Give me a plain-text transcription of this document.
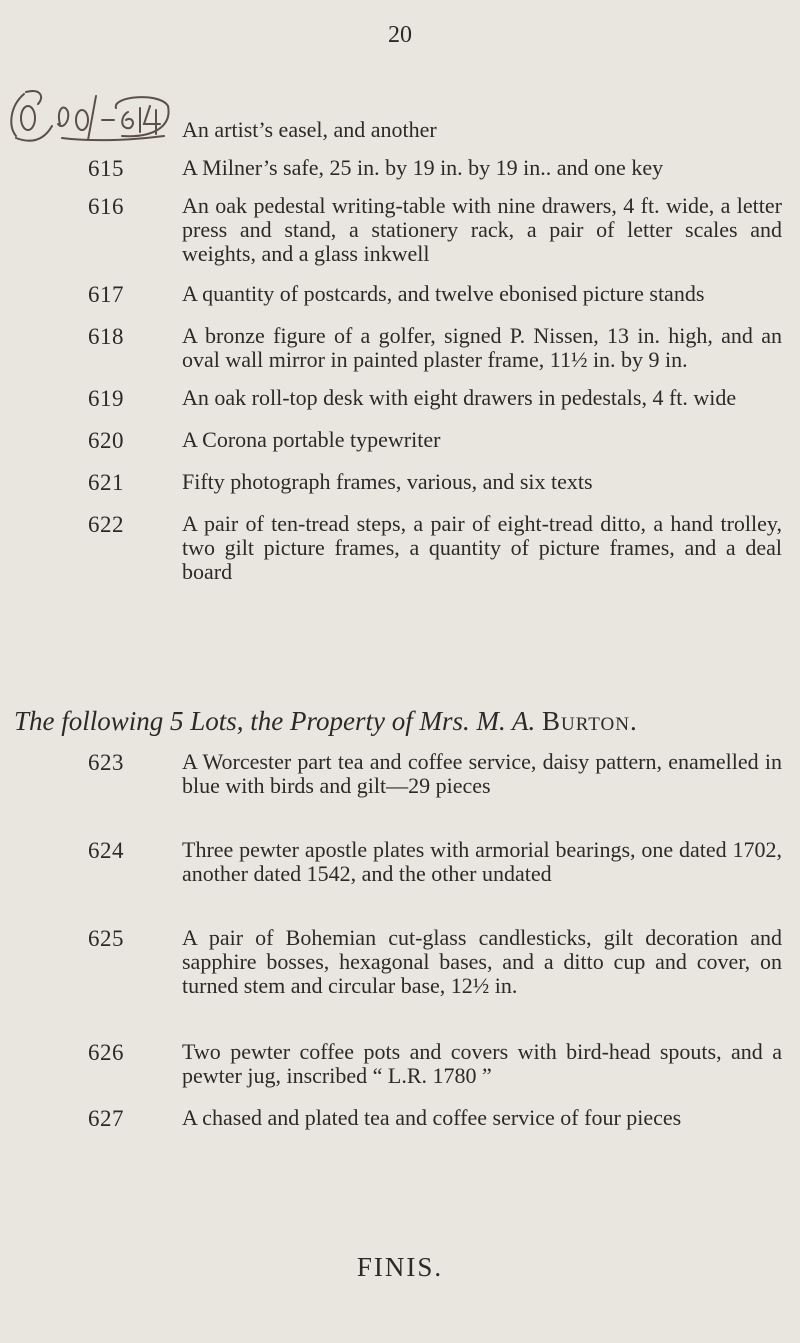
20
An artist’s easel, and another
615	A Milner’s safe, 25 in. by 19 in. by 19 in.. and one key
616	An oak pedestal writing-table with nine drawers, 4 ft. wide, a letter press and stand, a stationery rack, a pair of letter scales and weights, and a glass inkwell
617	A quantity of postcards, and twelve ebonised picture stands
618	A bronze figure of a golfer, signed P. Nissen, 13 in. high, and an oval wall mirror in painted plaster frame, 11½ in. by 9 in.
619	An oak roll-top desk with eight drawers in pedestals, 4 ft. wide
620	A Corona portable typewriter
621	Fifty photograph frames, various, and six texts
622	A pair of ten-tread steps, a pair of eight-tread ditto, a hand trolley, two gilt picture frames, a quantity of picture frames, and a deal board
The following 5 Lots, the Property of Mrs. M. A. Burton.
623	A Worcester part tea and coffee service, daisy pattern, enamelled in blue with birds and gilt—29 pieces
624	Three pewter apostle plates with armorial bearings, one dated 1702, another dated 1542, and the other undated
625	A pair of Bohemian cut-glass candlesticks, gilt decoration and sapphire bosses, hexagonal bases, and a ditto cup and cover, on turned stem and circular base, 12½ in.
626	Two pewter coffee pots and covers with bird-head spouts, and a pewter jug, inscribed “ L.R. 1780 ”
627	A chased and plated tea and coffee service of four pieces
FINIS.
